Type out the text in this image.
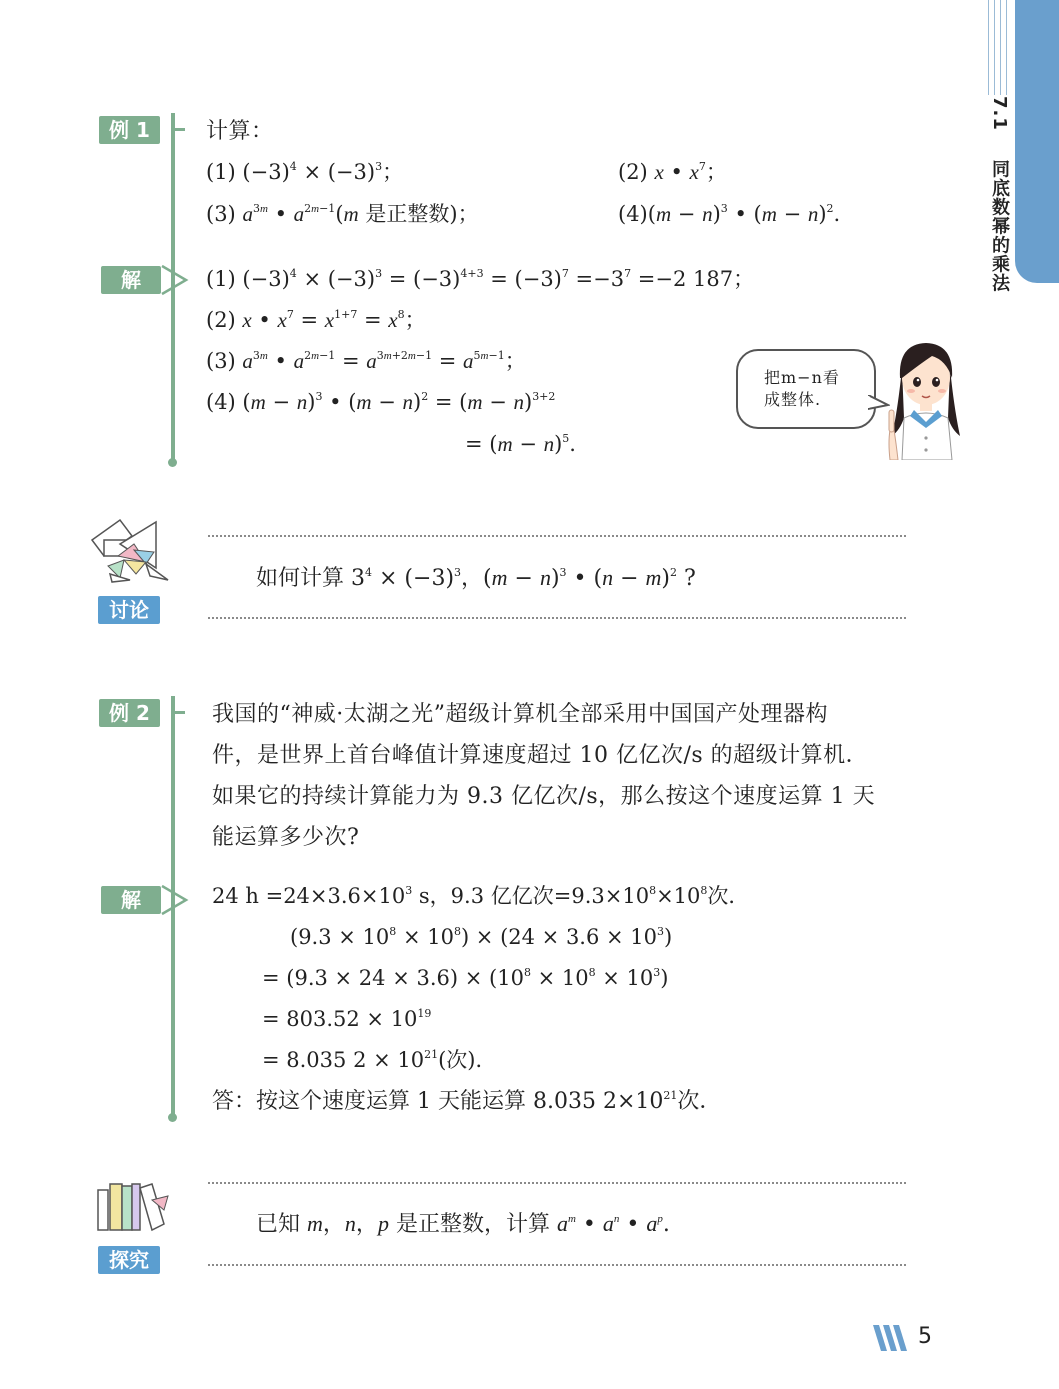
7.1  同底数幂的乘法
例 1	计算：
(1) $(-3)^4 \times (-3)^3$；	(2) x • $x^7$；
(3) $a^{3m}$ • $a^{2m-1}(m$ 是正整数)；	$(4)(m - n)^3$ • $(m - n)^2$.
解	(1) $(-3)^4 \times (-3)^3 = (-3)^{4+3} = (-3)^7 =-3^7 =-2$ 187；
(2) x • $x^7 = x^{1+7} = x^8$；
(3) $a^{3m}$ • $a^{2m-1} = a^{3m+2m-1} = a^{5m-1}$；
(4) $(m - n)^3$ • $(m - n)^2 = (m - n)^{3+2}$
= $(m - n)^5$.
把m−n看成整体.
讨论
如何计算 $3^4 \times (-3)^3$，$(m - n)^3$ • $(n - m)^2$ ?
例 2	我国的“神威·太湖之光”超级计算机全部采用中国国产处理器构
件，是世界上首台峰值计算速度超过 10 亿亿次/s 的超级计算机．
如果它的持续计算能力为 9.3 亿亿次/s，那么按这个速度运算 1 天
能运算多少次?
解	24 $h =24\times 3.6\times 10^3$ s，9.3 亿亿次$=9.3\times 10^8\times 10^8$次．
$(9.3 \times 10^8 \times 10^8) \times (24 \times 3.6 \times 10^3)$
= $(9.3 \times 24 \times 3.6) \times (10^8 \times 10^8 \times 10^3)$
= $803.52 \times 10^{19}$
= 8.035 $2 \times 10^{21}$(次)．
答：按这个速度运算 1 天能运算 8.035 $2\times 10^{21}$次．
探究
已知 m，n，p 是正整数，计算 $a^m$ • $a^n$ • $a^p$.
5
